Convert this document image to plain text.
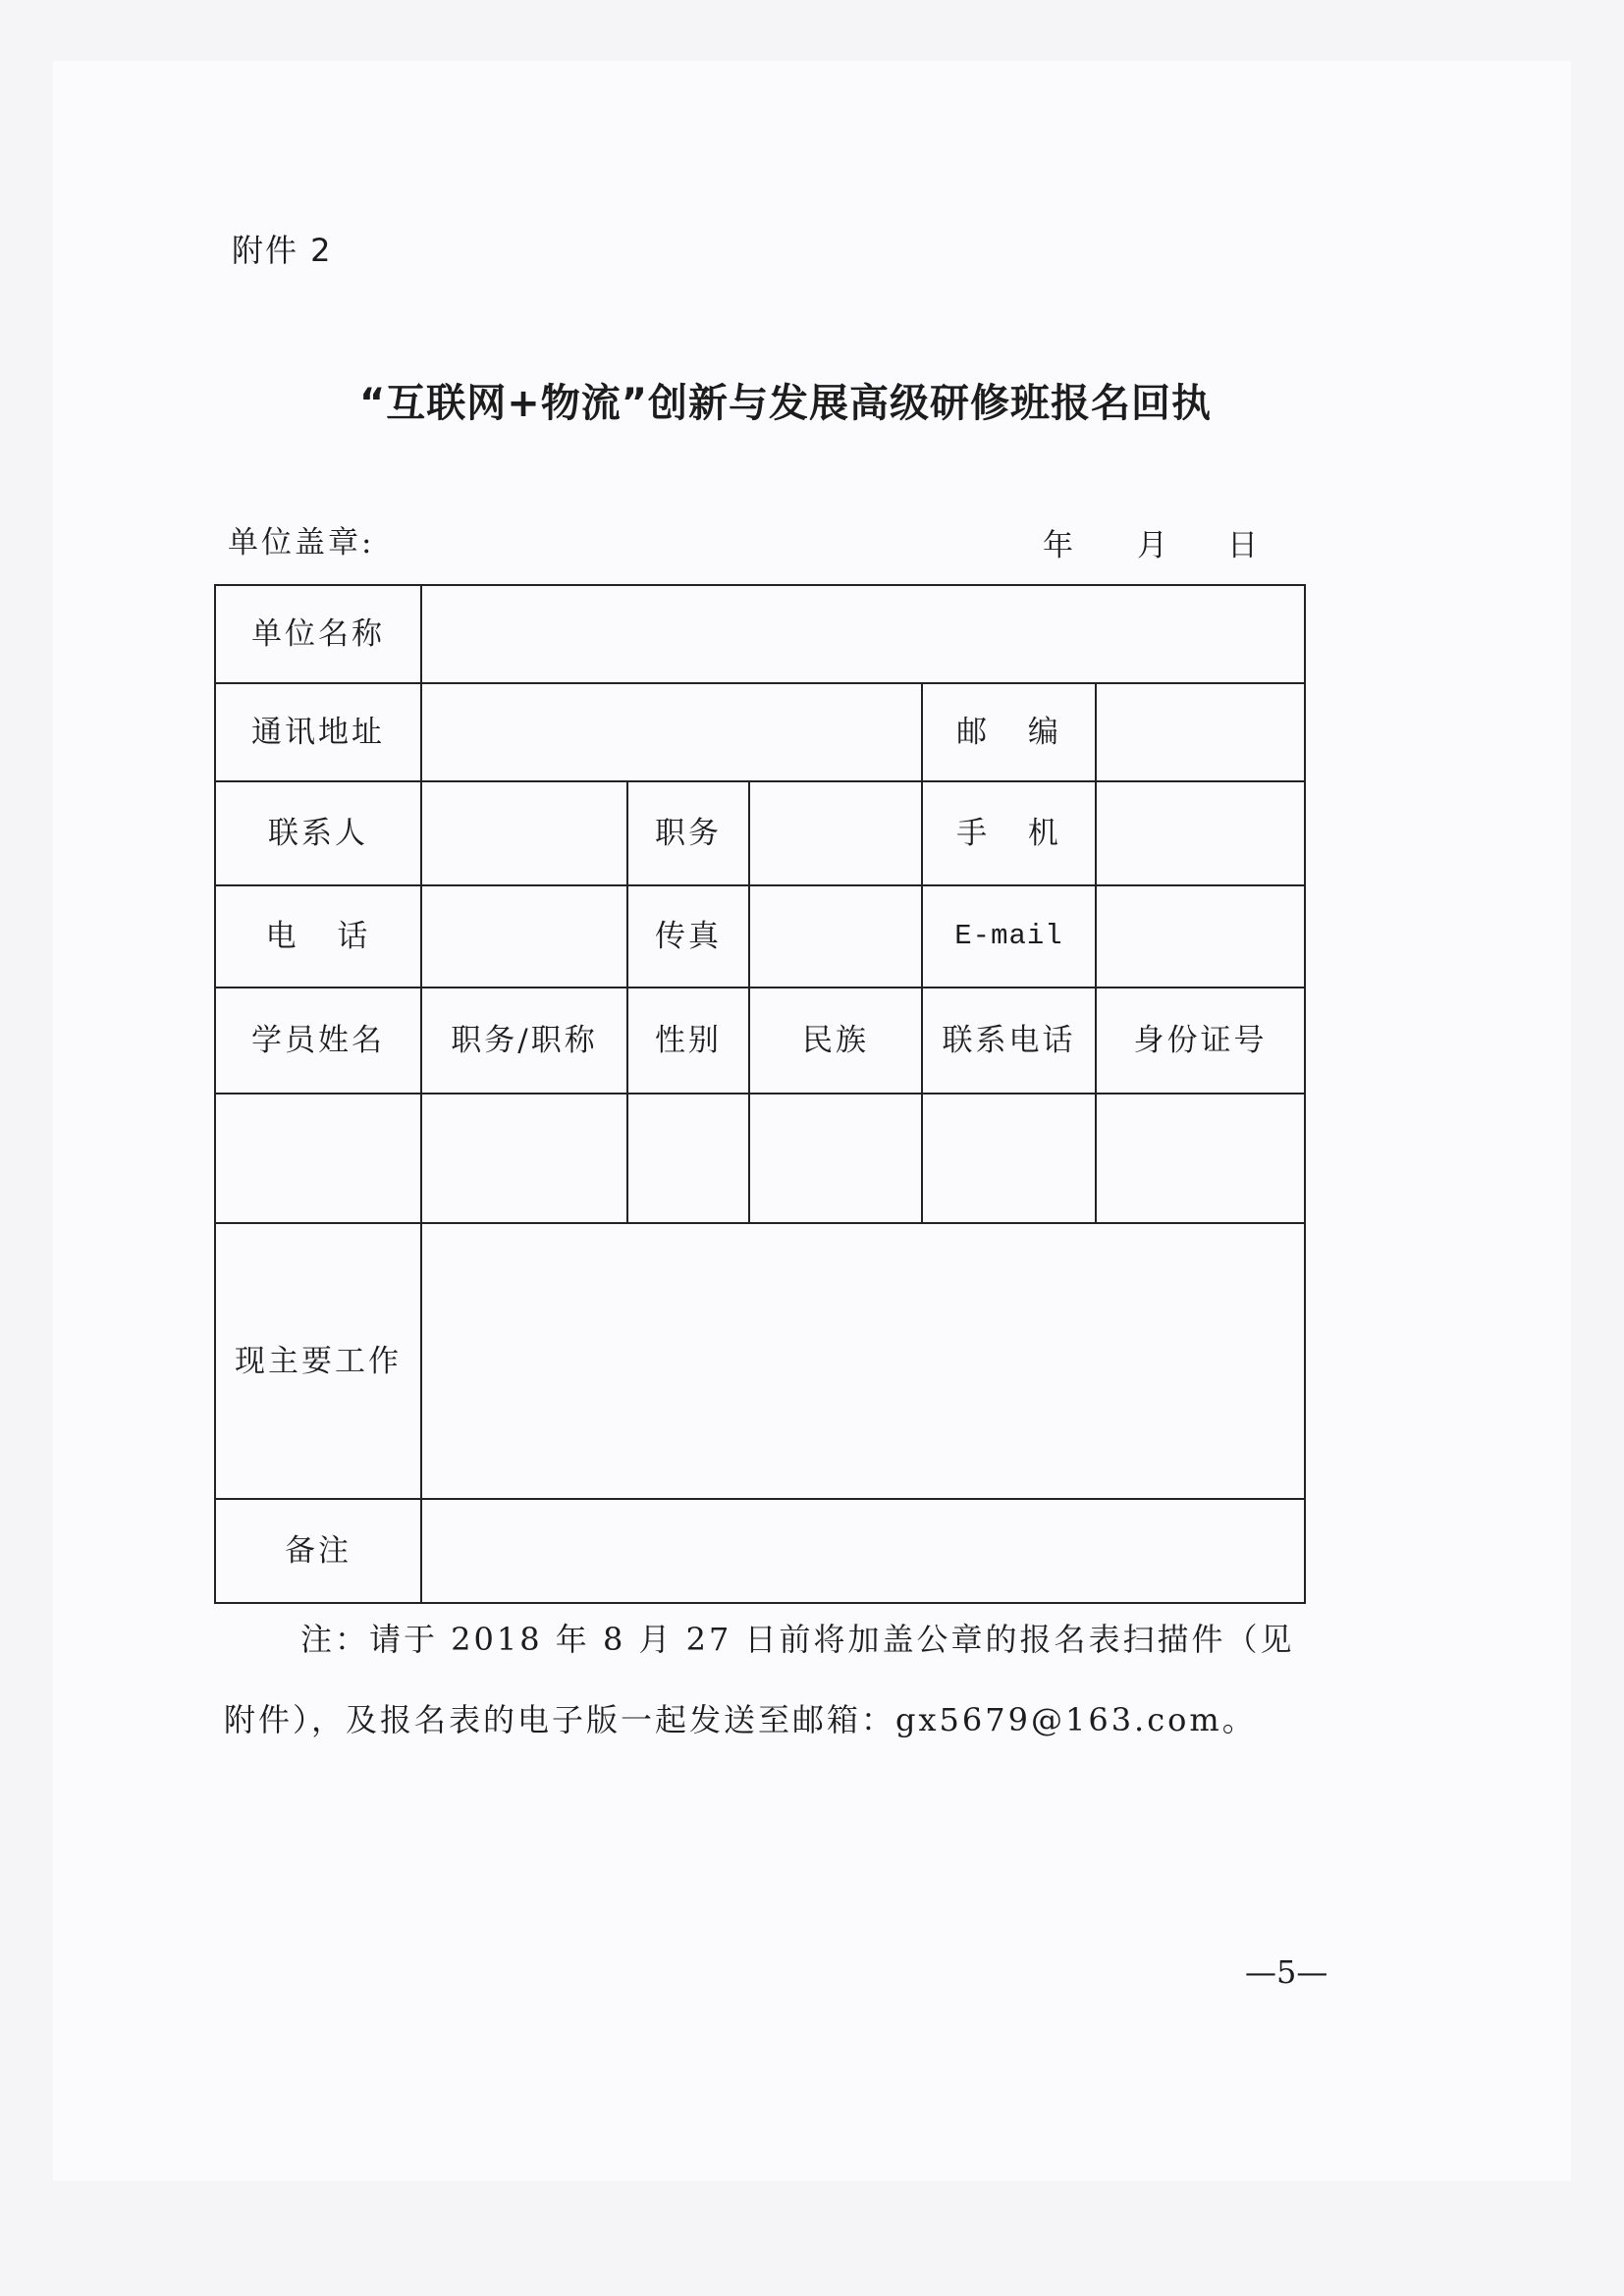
附件 2
“互联网+物流”创新与发展高级研修班报名回执
单位盖章:	年 月 日
单位名称					
通讯地址				邮 编	
联系人		职务		手 机	
电 话		传真		E-mail	
学员姓名	职务/职称	性别	民族	联系电话	身份证号

现主要工作					
备注					
注：请于 2018 年 8 月 27 日前将加盖公章的报名表扫描件（见
附件），及报名表的电子版一起发送至邮箱：gx5679@163.com。
—5—
